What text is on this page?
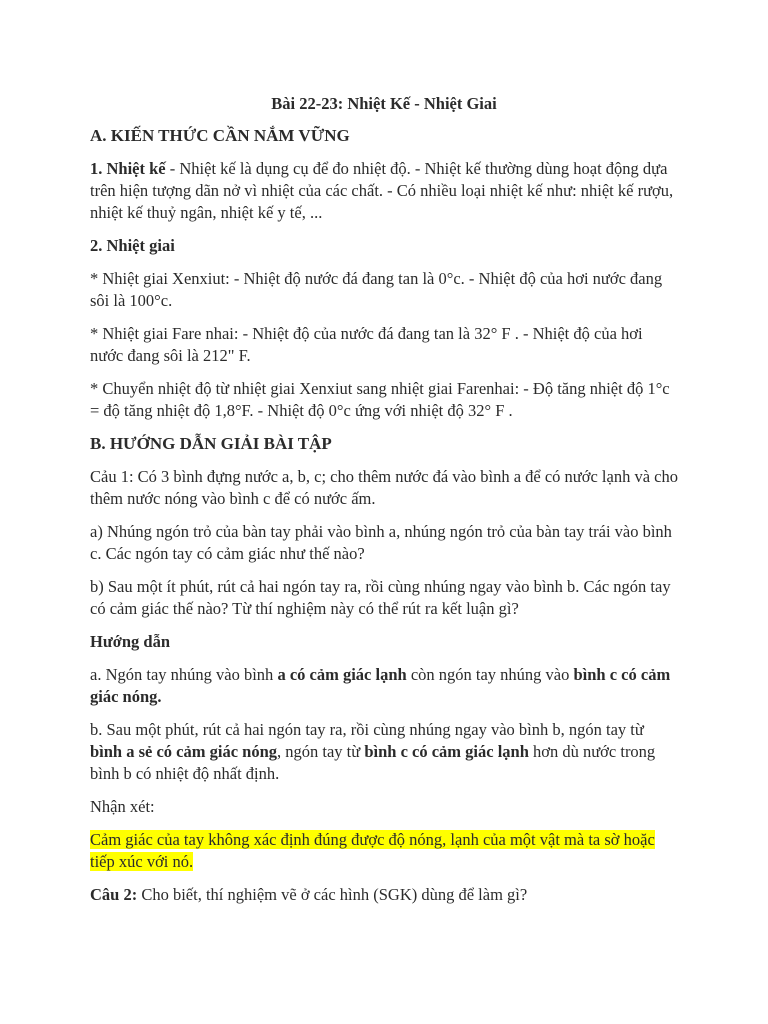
Bài 22-23: Nhiệt Kế - Nhiệt Giai
A. KIẾN THỨC CẦN NẮM VỮNG

1. Nhiệt kế - Nhiệt kế là dụng cụ để đo nhiệt độ. - Nhiệt kế thường dùng hoạt động dựa trên hiện tượng dãn nở vì nhiệt của các chất. - Có nhiều loại nhiệt kế như: nhiệt kế rượu, nhiệt kế thuỷ ngân, nhiệt kế y tế, ...

2. Nhiệt giai

* Nhiệt giai Xenxiut: - Nhiệt độ nước đá đang tan là 0°c. - Nhiệt độ của hơi nước đang sôi là 100°c.

* Nhiệt giai Fare nhai: - Nhiệt độ của nước đá đang tan là 32° F . - Nhiệt độ của hơi nước đang sôi là 212" F.

* Chuyển nhiệt độ từ nhiệt giai Xenxiut sang nhiệt giai Farenhai: - Độ tăng nhiệt độ 1°c = độ tăng nhiệt độ 1,8°F. - Nhiệt độ 0°c ứng với nhiệt độ 32° F .

B. HƯỚNG DẪN GIẢI BÀI TẬP

Cảu 1: Có 3 bình đựng nước a, b, c; cho thêm nước đá vào bình a để có nước lạnh và cho thêm nước nóng vào bình c để có nước ấm.

a) Nhúng ngón trỏ của bàn tay phải vào bình a, nhúng ngón trỏ của bàn tay trái vào bình c. Các ngón tay có cảm giác như thế nào?

b) Sau một ít phút, rút cả hai ngón tay ra, rồi cùng nhúng ngay vào bình b. Các ngón tay có cảm giác thế nào? Từ thí nghiệm này có thể rút ra kết luận gì?

Hướng dẫn

a. Ngón tay nhúng vào bình a có cảm giác lạnh còn ngón tay nhúng vào bình c có cảm giác nóng.

b. Sau một phút, rút cả hai ngón tay ra, rồi cùng nhúng ngay vào bình b, ngón tay từ bình a sẻ có cảm giác nóng, ngón tay từ bình c có cảm giác lạnh hơn dù nước trong bình b có nhiệt độ nhất định.

Nhận xét:

Cảm giác của tay không xác định đúng được độ nóng, lạnh của một vật mà ta sờ hoặc tiếp xúc với nó.

Câu 2: Cho biết, thí nghiệm vẽ ở các hình (SGK) dùng để làm gì?
